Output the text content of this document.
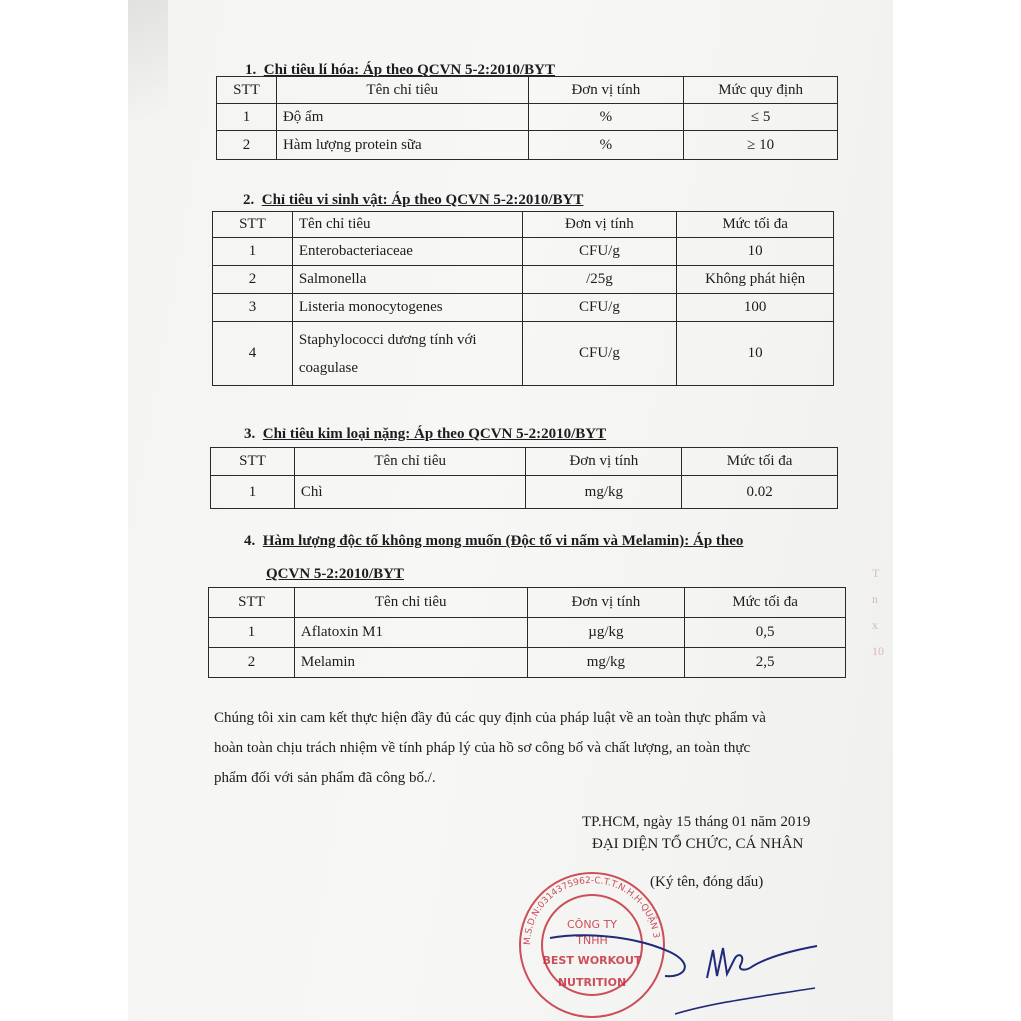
1. Chỉ tiêu lí hóa: Áp theo QCVN 5-2:2010/BYT
STT	Tên chỉ tiêu	Đơn vị tính	Mức quy định
1	Độ ẩm	%	≤ 5
2	Hàm lượng protein sữa	%	≥ 10
2. Chỉ tiêu vi sinh vật: Áp theo QCVN 5-2:2010/BYT
STT	Tên chỉ tiêu	Đơn vị tính	Mức tối đa
1	Enterobacteriaceae	CFU/g	10
2	Salmonella	/25g	Không phát hiện
3	Listeria monocytogenes	CFU/g	100
4	Staphylococci dương tính với coagulase	CFU/g	10
3. Chỉ tiêu kim loại nặng: Áp theo QCVN 5-2:2010/BYT
STT	Tên chỉ tiêu	Đơn vị tính	Mức tối đa
1	Chì	mg/kg	0.02
4. Hàm lượng độc tố không mong muốn (Độc tố vi nấm và Melamin): Áp theo
QCVN 5-2:2010/BYT
STT	Tên chỉ tiêu	Đơn vị tính	Mức tối đa
1	Aflatoxin M1	µg/kg	0,5
2	Melamin	mg/kg	2,5
Chúng tôi xin cam kết thực hiện đầy đủ các quy định của pháp luật về an toàn thực phẩm và
hoàn toàn chịu trách nhiệm về tính pháp lý của hồ sơ công bố và chất lượng, an toàn thực
phẩm đối với sản phẩm đã công bố./.
TP.HCM, ngày 15 tháng 01 năm 2019
ĐẠI DIỆN TỔ CHỨC, CÁ NHÂN
(Ký tên, đóng dấu)
M.S.D.N:0314375962-C.T.T.N.H.H-QUẬN 3
CÔNG TY
TNHH
BEST WORKOUT
NUTRITION
T
n
x
10
